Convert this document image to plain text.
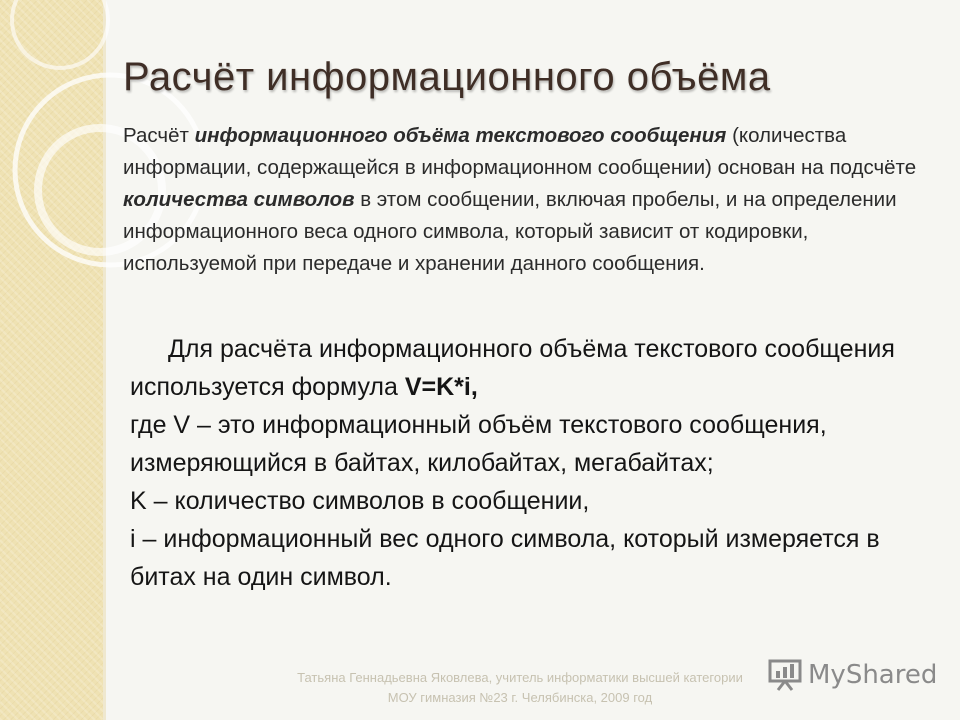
Расчёт информационного объёма
Расчёт информационного объёма текстового сообщения (количества информации, содержащейся в информационном сообщении) основан на подсчёте количества символов в этом сообщении, включая пробелы, и на определении информационного веса одного символа, который зависит от кодировки, используемой при передаче и хранении данного сообщения.
Для расчёта информационного объёма текстового сообщения используется формула V=K*i,
где V – это информационный объём текстового сообщения, измеряющийся в байтах, килобайтах, мегабайтах;
K – количество символов в сообщении,
i – информационный вес одного символа, который измеряется в битах на один символ.
Татьяна Геннадьевна Яковлева, учитель информатики высшей категории
МОУ гимназия №23 г. Челябинска, 2009 год
MyShared
